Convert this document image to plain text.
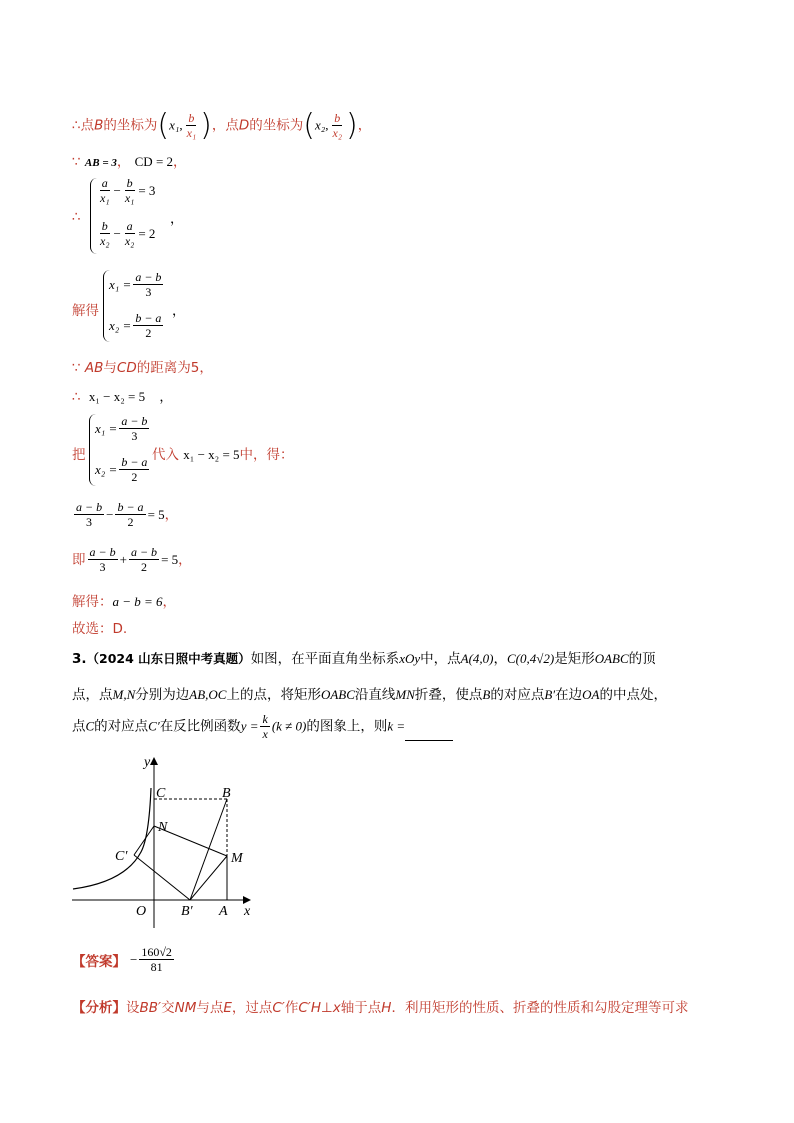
∴点B的坐标为(x₁, $\frac{b}{\text{x₁}}$ )，点D的坐标为(x₂, $\frac{b}{\text{x₂}}$ )，
∵ AB = 3， CD = 2，
∴
$\frac{a}{\text{x₁}} - \frac{b}{\text{x₁}} = 3$
$\frac{b}{\text{x₂}} - \frac{a}{\text{x₂}} = 2$
，
解得
$x_1 = \frac{a - b}{3}$
$x_2 = \frac{b - a}{2}$ ，
∵ AB与CD的距离为5，
∴ x₁ − x₂ = 5 ，
把
$x_1 = \frac{a - b}{3}$
$x_2 = \frac{b - a}{2}$ 代入 x₁ − x₂ = 5中，得：
$\frac{a - b}{3} - \frac{b - a}{2} = 5$，
即 $\frac{a - b}{3} + \frac{a - b}{2} = 5$，
解得：a − b = 6，
故选：D.
3.（2024 山东日照中考真题）如图，在平面直角坐标系xOy中，点A(4,0)，C(0,4√2)是矩形OABC的顶
点，点M,N分别为边AB,OC上的点，将矩形OABC沿直线MN折叠，使点B的对应点B′在边OA的中点处，
点C的对应点C′在反比例函数$y = \frac{k}{x} (k \ne 0)$的图象上，则k =
y
x
O	A
B
C
N
M
C′
B′
【答案】 − $\frac{160√2}{81}$
【分析】设BB′交NM与点E，过点C′作C′H⊥x轴于点H．利用矩形的性质、折叠的性质和勾股定理等可求
